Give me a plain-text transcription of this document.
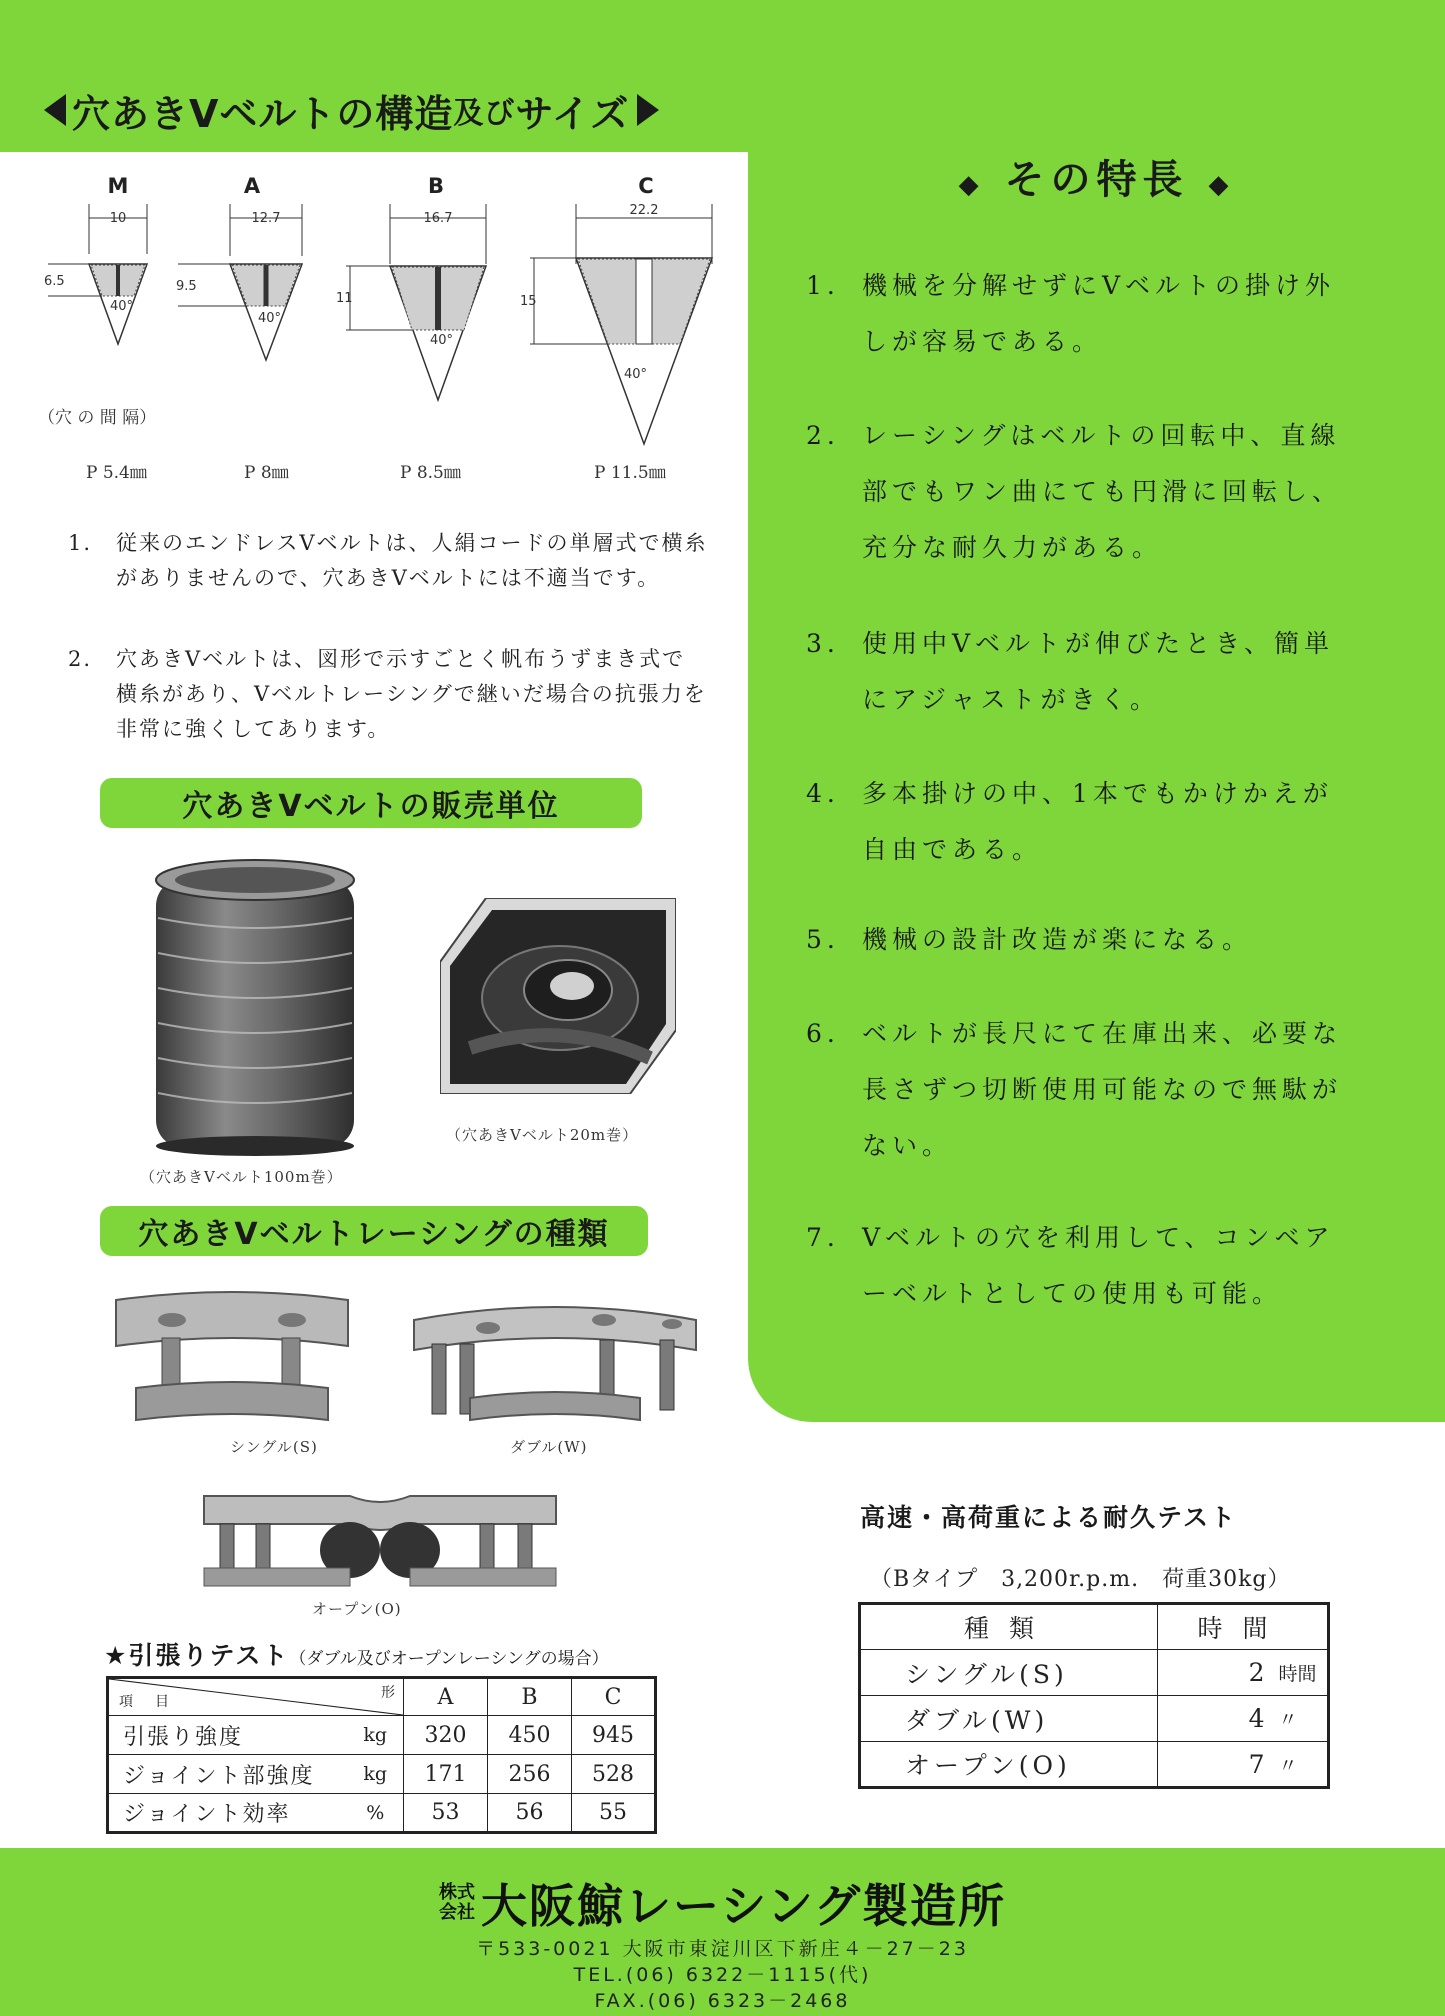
穴あきVベルトの構造 及び サイズ
M
10
6.5
40°
A
12.7
9.5
40°
B
16.7
11
40°
C
22.2
15
40°
（穴 の 間 隔）
P 5.4㎜	P 8㎜	P 8.5㎜	P 11.5㎜
1.	従来のエンドレスVベルトは、人絹コードの単層式で横糸がありませんので、穴あきVベルトには不適当です。
2.	穴あきVベルトは、図形で示すごとく帆布うずまき式で横糸があり、Vベルトレーシングで継いだ場合の抗張力を非常に強くしてあります。
穴あきVベルトの販売単位
（穴あきVベルト100m巻）
（穴あきVベルト20m巻）
穴あきVベルトレーシングの種類
シングル(S)	ダブル(W)
オープン(O)
★引張りテスト（ダブル及びオープンレーシングの場合）
項　目
形		A	B	C
引張り強度	kg	320	450	945
ジョイント部強度	kg	171	256	528
ジョイント効率	%	53	56	55
◆ その特長 ◆
1. 機械を分解せずにVベルトの掛け外しが容易である。
2. レーシングはベルトの回転中、直線部でもワン曲にても円滑に回転し、充分な耐久力がある。
3. 使用中Vベルトが伸びたとき、簡単にアジャストがきく。
4. 多本掛けの中、1本でもかけかえが自由である。
5. 機械の設計改造が楽になる。
6. ベルトが長尺にて在庫出来、必要な長さずつ切断使用可能なので無駄がない。
7. Vベルトの穴を利用して、コンベアーベルトとしての使用も可能。
高速・高荷重による耐久テスト
（Bタイプ　3,200r.p.m.　荷重30kg）
種類	時間	
シングル(S)	2	時間
ダブル(W)	4	〃
オープン(O)	7	〃
株式
会社 大阪鯨レーシング製造所
〒533-0021 大阪市東淀川区下新庄４－27－23
TEL.(06) 6322－1115(代)
FAX.(06) 6323－2468
